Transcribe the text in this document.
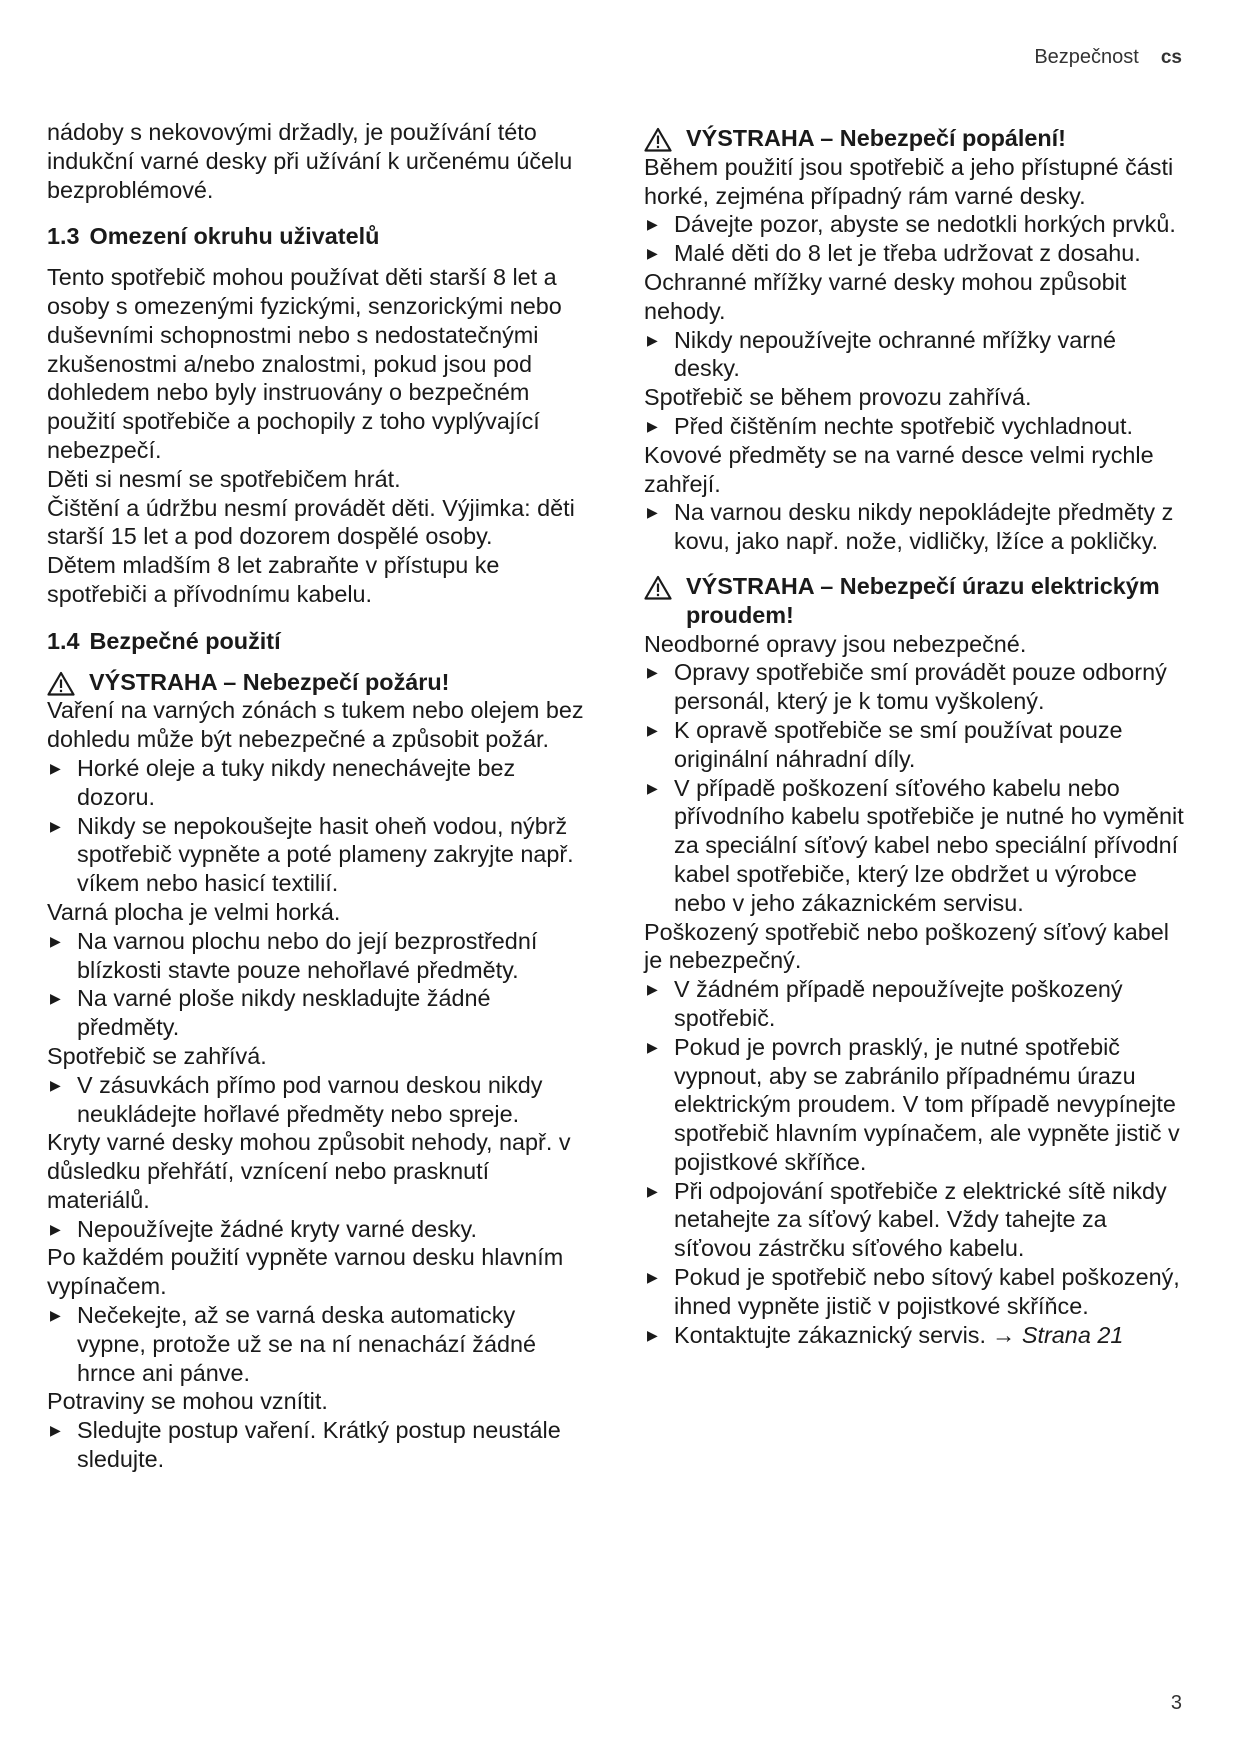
Bezpečnost cs

nádoby s nekovovými držadly, je používání této indukční varné desky při užívání k určenému účelu bezproblémové.

1.3 Omezení okruhu uživatelů

Tento spotřebič mohou používat děti starší 8 let a osoby s omezenými fyzickými, senzorickými nebo duševními schopnostmi nebo s nedostatečnými zkušenostmi a/nebo znalostmi, pokud jsou pod dohledem nebo byly instruovány o bezpečném použití spotřebiče a pochopily z toho vyplývající nebezpečí.

Děti si nesmí se spotřebičem hrát.

Čištění a údržbu nesmí provádět děti. Výjimka: děti starší 15 let a pod dozorem dospělé osoby.

Dětem mladším 8 let zabraňte v přístupu ke spotřebiči a přívodnímu kabelu.

1.4 Bezpečné použití
VÝSTRAHA – Nebezpečí požáru!

Vaření na varných zónách s tukem nebo olejem bez dohledu může být nebezpečné a způsobit požár.

▶ Horké oleje a tuky nikdy nenechávejte bez dozoru.
▶ Nikdy se nepokoušejte hasit oheň vodou, nýbrž spotřebič vypněte a poté plameny zakryjte např. víkem nebo hasicí textilií.

Varná plocha je velmi horká.

▶ Na varnou plochu nebo do její bezprostřední blízkosti stavte pouze nehořlavé předměty.
▶ Na varné ploše nikdy neskladujte žádné předměty.

Spotřebič se zahřívá.

▶ V zásuvkách přímo pod varnou deskou nikdy neukládejte hořlavé předměty nebo spreje.

Kryty varné desky mohou způsobit nehody, např. v důsledku přehřátí, vznícení nebo prasknutí materiálů.

▶ Nepoužívejte žádné kryty varné desky.

Po každém použití vypněte varnou desku hlavním vypínačem.

▶ Nečekejte, až se varná deska automaticky vypne, protože už se na ní nenachází žádné hrnce ani pánve.

Potraviny se mohou vznítit.

▶ Sledujte postup vaření. Krátký postup neustále sledujte.
VÝSTRAHA – Nebezpečí popálení!

Během použití jsou spotřebič a jeho přístupné části horké, zejména případný rám varné desky.

▶ Dávejte pozor, abyste se nedotkli horkých prvků.
▶ Malé děti do 8 let je třeba udržovat z dosahu.

Ochranné mřížky varné desky mohou způsobit nehody.

▶ Nikdy nepoužívejte ochranné mřížky varné desky.

Spotřebič se během provozu zahřívá.

▶ Před čištěním nechte spotřebič vychladnout.

Kovové předměty se na varné desce velmi rychle zahřejí.

▶ Na varnou desku nikdy nepokládejte předměty z kovu, jako např. nože, vidličky, lžíce a pokličky.
VÝSTRAHA – Nebezpečí úrazu elektrickým proudem!

Neodborné opravy jsou nebezpečné.

▶ Opravy spotřebiče smí provádět pouze odborný personál, který je k tomu vyškolený.
▶ K opravě spotřebiče se smí používat pouze originální náhradní díly.
▶ V případě poškození síťového kabelu nebo přívodního kabelu spotřebiče je nutné ho vyměnit za speciální síťový kabel nebo speciální přívodní kabel spotřebiče, který lze obdržet u výrobce nebo v jeho zákaznickém servisu.

Poškozený spotřebič nebo poškozený síťový kabel je nebezpečný.

▶ V žádném případě nepoužívejte poškozený spotřebič.
▶ Pokud je povrch prasklý, je nutné spotřebič vypnout, aby se zabránilo případnému úrazu elektrickým proudem. V tom případě nevypínejte spotřebič hlavním vypínačem, ale vypněte jistič v pojistkové skříňce.
▶ Při odpojování spotřebiče z elektrické sítě nikdy netahejte za síťový kabel. Vždy tahejte za síťovou zástrčku síťového kabelu.
▶ Pokud je spotřebič nebo sítový kabel poškozený, ihned vypněte jistič v pojistkové skříňce.
▶ Kontaktujte zákaznický servis. → Strana 21
3
